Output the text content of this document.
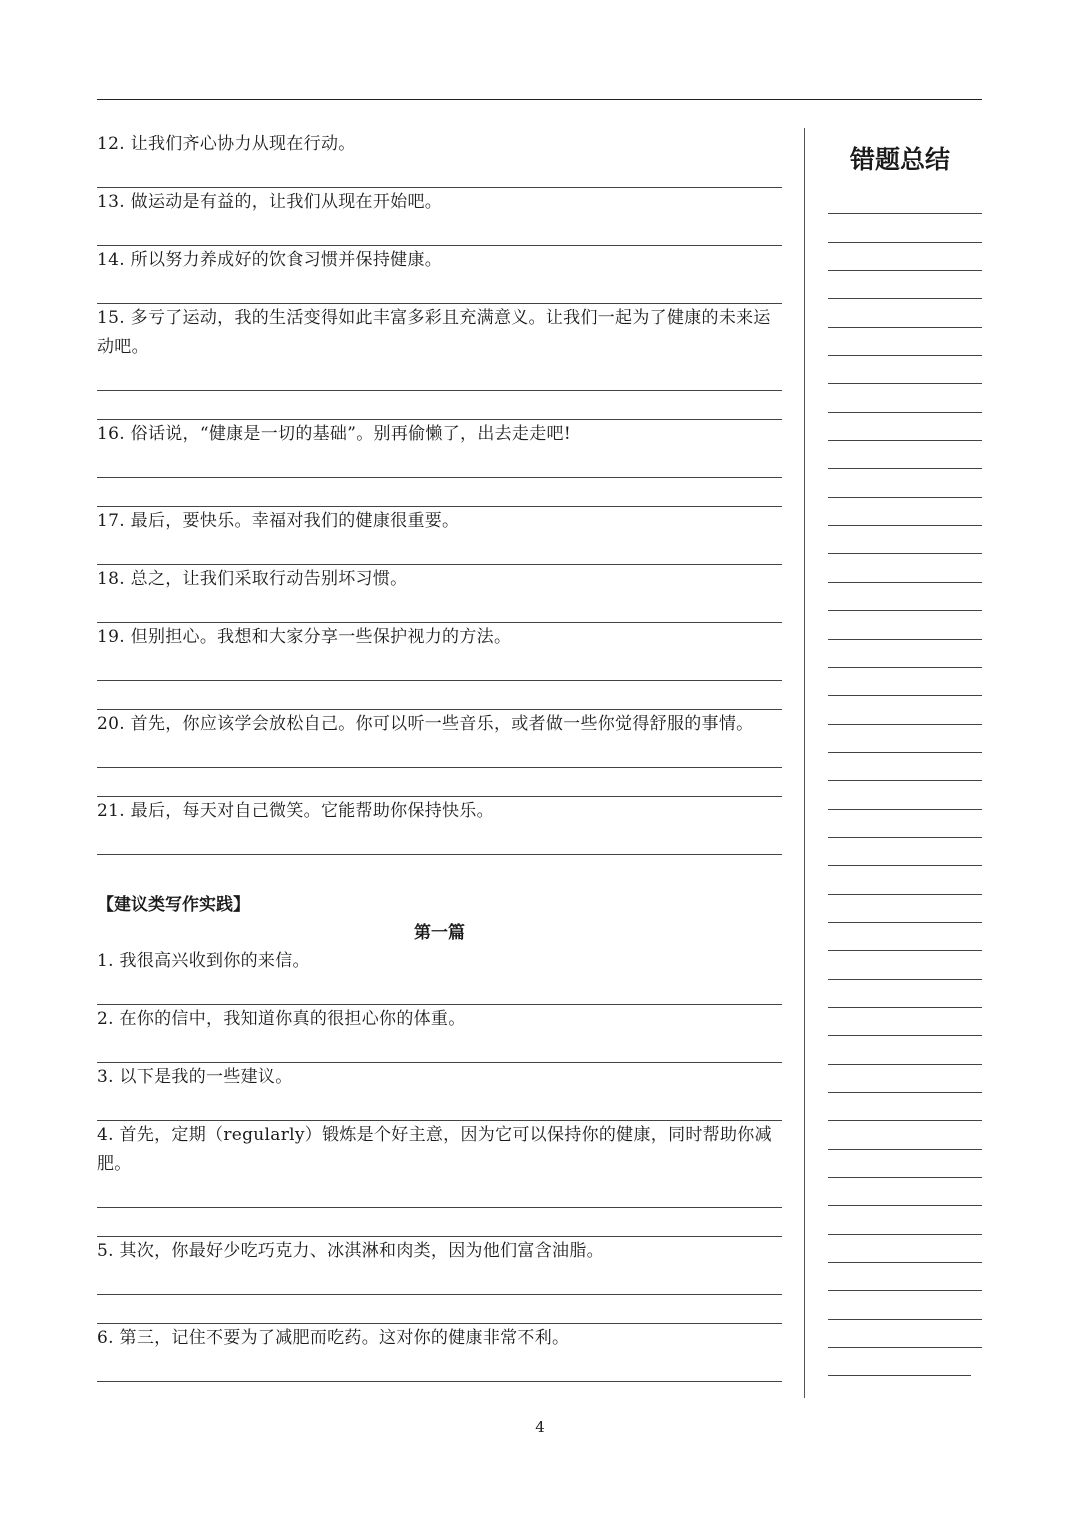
12. 让我们齐心协力从现在行动。
13. 做运动是有益的，让我们从现在开始吧。
14. 所以努力养成好的饮食习惯并保持健康。
15. 多亏了运动，我的生活变得如此丰富多彩且充满意义。让我们一起为了健康的未来运动吧。
16. 俗话说，“健康是一切的基础”。别再偷懒了，出去走走吧!
17. 最后，要快乐。幸福对我们的健康很重要。
18. 总之，让我们采取行动告别坏习惯。
19. 但别担心。我想和大家分享一些保护视力的方法。
20. 首先，你应该学会放松自己。你可以听一些音乐，或者做一些你觉得舒服的事情。
21. 最后，每天对自己微笑。它能帮助你保持快乐。
【建议类写作实践】
第一篇
1. 我很高兴收到你的来信。
2. 在你的信中，我知道你真的很担心你的体重。
3. 以下是我的一些建议。
4. 首先，定期（regularly）锻炼是个好主意，因为它可以保持你的健康，同时帮助你减肥。
5. 其次，你最好少吃巧克力、冰淇淋和肉类，因为他们富含油脂。
6. 第三，记住不要为了减肥而吃药。这对你的健康非常不利。
错题总结
4
